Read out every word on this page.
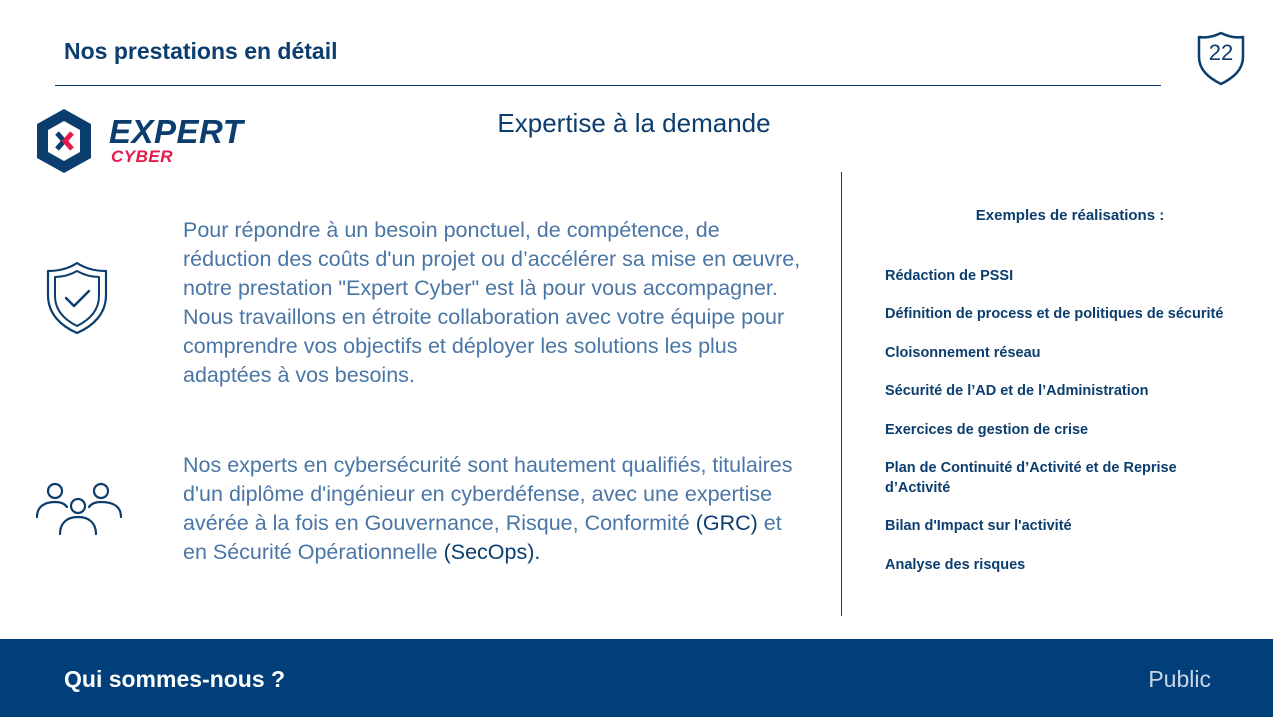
Nos prestations en détail	22
EXPERT
CYBER
Expertise à la demande
Pour répondre à un besoin ponctuel, de compétence, de réduction des coûts d'un projet ou d’accélérer sa mise en œuvre, notre prestation "Expert Cyber" est là pour vous accompagner. Nous travaillons en étroite collaboration avec votre équipe pour comprendre vos objectifs et déployer les solutions les plus adaptées à vos besoins.
Nos experts en cybersécurité sont hautement qualifiés, titulaires d'un diplôme d'ingénieur en cyberdéfense, avec une expertise avérée à la fois en Gouvernance, Risque, Conformité (GRC) et en Sécurité Opérationnelle (SecOps).
Exemples de réalisations :
Rédaction de PSSI
Définition de process et de politiques de sécurité
Cloisonnement réseau
Sécurité de l’AD et de l’Administration
Exercices de gestion de crise
Plan de Continuité d’Activité et de Reprise d’Activité
Bilan d'Impact sur l'activité
Analyse des risques
Qui sommes-nous ?	Public
